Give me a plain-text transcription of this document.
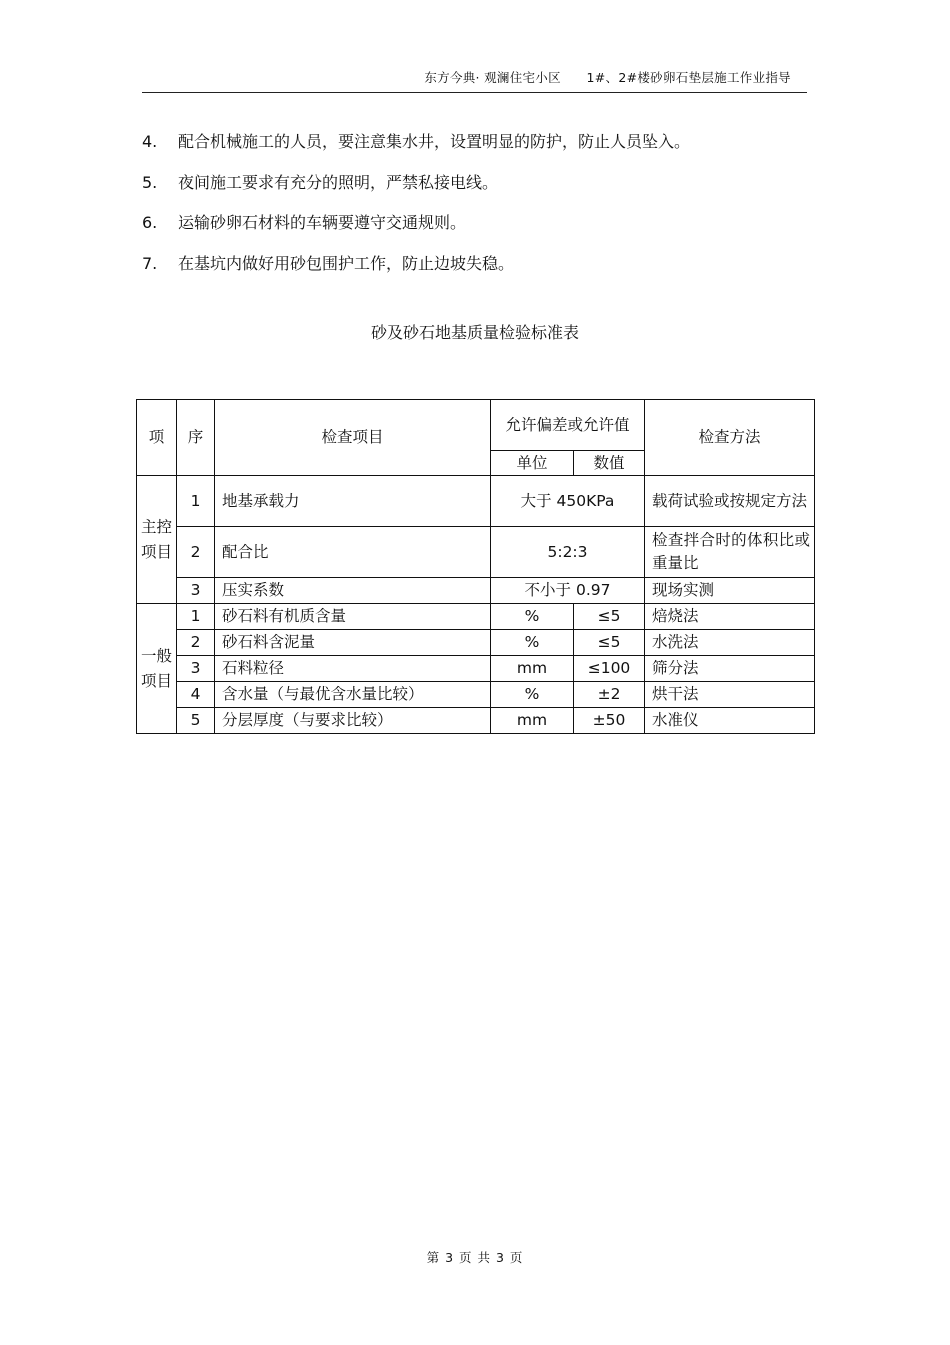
东方今典· 观澜住宅小区      1#、2#楼砂卵石垫层施工作业指导
4. 配合机械施工的人员，要注意集水井，设置明显的防护，防止人员坠入。
5. 夜间施工要求有充分的照明，严禁私接电线。
6. 运输砂卵石材料的车辆要遵守交通规则。
7. 在基坑内做好用砂包围护工作，防止边坡失稳。
砂及砂石地基质量检验标准表
项	序	检查项目	允许偏差或允许值		检查方法
			单位	数值	
主控项目	1	地基承载力	大于 450KPa		载荷试验或按规定方法
	2	配合比	5:2:3		检查拌合时的体积比或重量比
	3	压实系数	不小于 0.97		现场实测
一般项目	1	砂石料有机质含量	%	≤5	焙烧法
	2	砂石料含泥量	%	≤5	水洗法
	3	石料粒径	mm	≤100	筛分法
	4	含水量（与最优含水量比较）	%	±2	烘干法
	5	分层厚度（与要求比较）	mm	±50	水准仪
第 3 页 共 3 页
